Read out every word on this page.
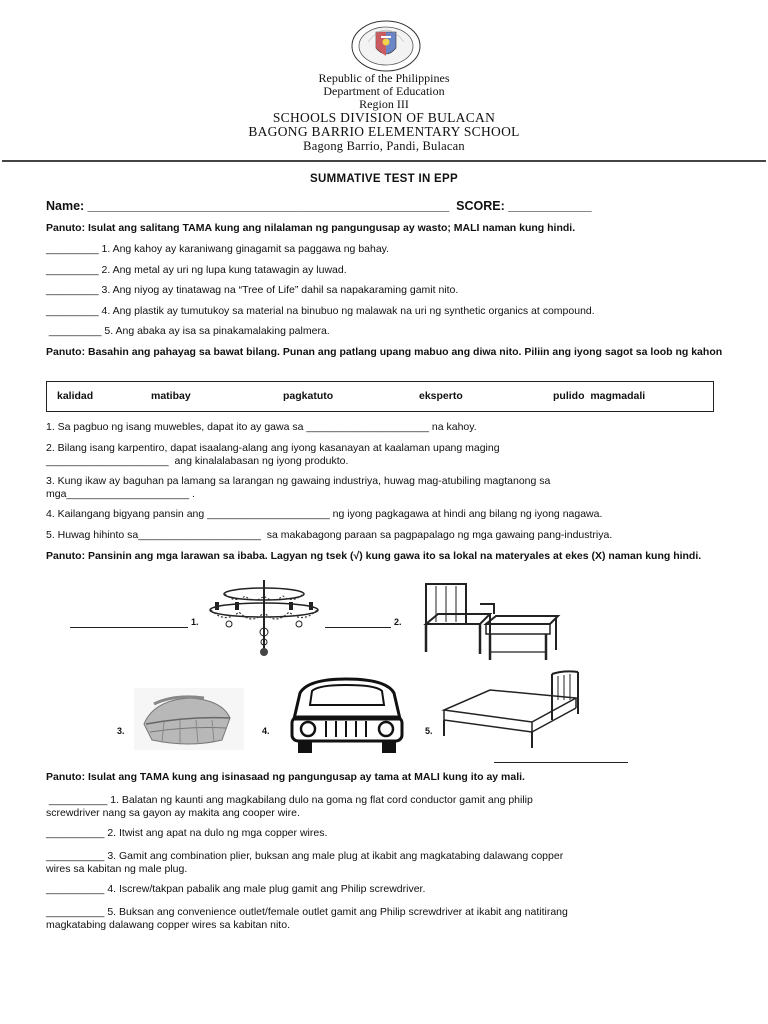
Republic of the Philippines
Department of Education
Region III
SCHOOLS DIVISION OF BULACAN
BAGONG BARRIO ELEMENTARY SCHOOL
Bagong Barrio, Pandi, Bulacan
SUMMATIVE TEST IN EPP
Name: ____________________________________________________  SCORE: ____________
Panuto: Isulat ang salitang TAMA kung ang nilalaman ng pangungusap ay wasto; MALI naman kung hindi.
_________ 1. Ang kahoy ay karaniwang ginagamit sa paggawa ng bahay.
_________ 2. Ang metal ay uri ng lupa kung tatawagin ay luwad.
_________ 3. Ang niyog ay tinatawag na “Tree of Life” dahil sa napakaraming gamit nito.
_________ 4. Ang plastik ay tumutukoy sa material na binubuo ng malawak na uri ng synthetic organics at compound.
_________ 5. Ang abaka ay isa sa pinakamalaking palmera.
Panuto: Basahin ang pahayag sa bawat bilang. Punan ang patlang upang mabuo ang diwa nito. Piliin ang iyong sagot sa loob ng kahon
kalidad	matibay	pagkatuto	eksperto	pulido  magmadali
1. Sa pagbuo ng isang muwebles, dapat ito ay gawa sa _____________________ na kahoy.
2. Bilang isang karpentiro, dapat isaalang-alang ang iyong kasanayan at kaalaman upang maging
_____________________  ang kinalalabasan ng iyong produkto.
3. Kung ikaw ay baguhan pa lamang sa larangan ng gawaing industriya, huwag mag-atubiling magtanong sa
mga_____________________ .
4. Kailangang bigyang pansin ang _____________________ ng iyong pagkagawa at hindi ang bilang ng iyong nagawa.
5. Huwag hihinto sa_____________________  sa makabagong paraan sa pagpapalago ng mga gawaing pang-industriya.
Panuto: Pansinin ang mga larawan sa ibaba. Lagyan ng tsek (√) kung gawa ito sa lokal na materyales at ekes (X) naman kung hindi.
1.	2.
3.	4.	5.
Panuto: Isulat ang TAMA kung ang isinasaad ng pangungusap ay tama at MALI kung ito ay mali.
__________ 1. Balatan ng kaunti ang magkabilang dulo na goma ng flat cord conductor gamit ang philip
screwdriver nang sa gayon ay makita ang cooper wire.
__________ 2. Itwist ang apat na dulo ng mga copper wires.
__________ 3. Gamit ang combination plier, buksan ang male plug at ikabit ang magkatabing dalawang copper
wires sa kabitan ng male plug.
__________ 4. Iscrew/takpan pabalik ang male plug gamit ang Philip screwdriver.
__________ 5. Buksan ang convenience outlet/female outlet gamit ang Philip screwdriver at ikabit ang natitirang
magkatabing dalawang copper wires sa kabitan nito.
